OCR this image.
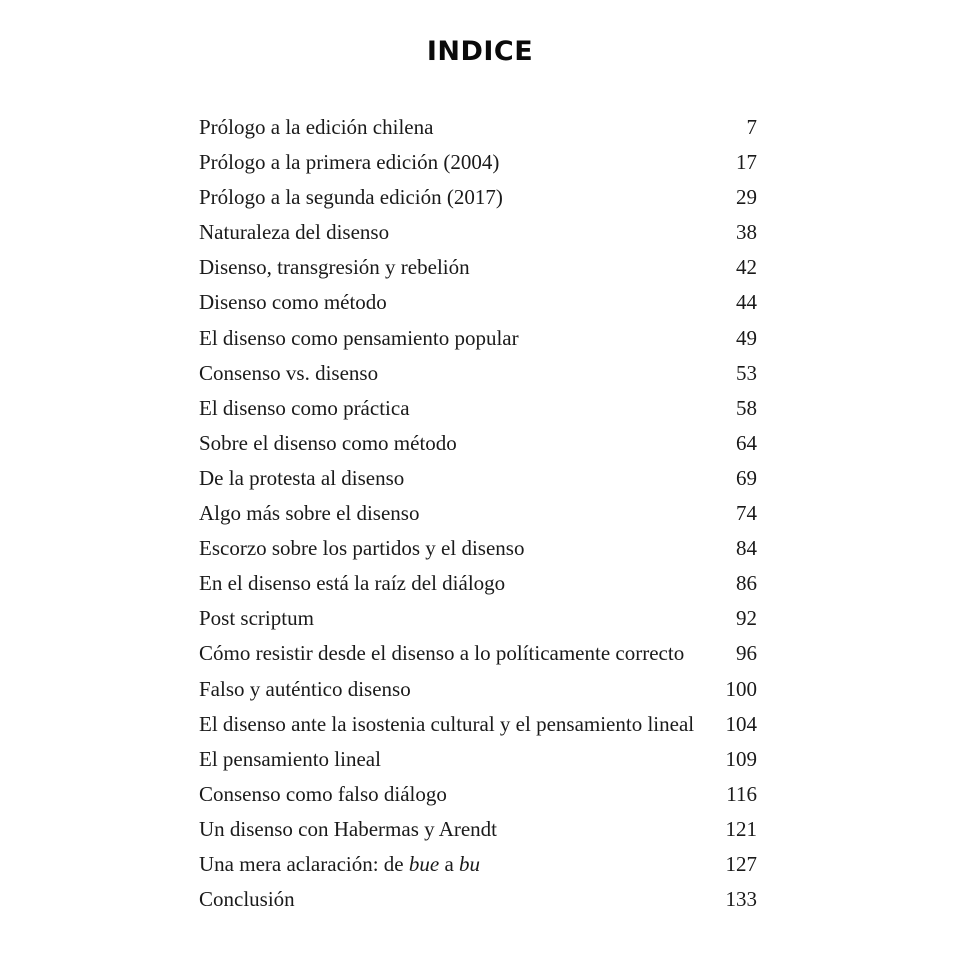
INDICE
Prólogo a la edición chilena	7
Prólogo a la primera edición (2004)	17
Prólogo a la segunda edición (2017)	29
Naturaleza del disenso	38
Disenso, transgresión y rebelión	42
Disenso como método	44
El disenso como pensamiento popular	49
Consenso vs. disenso	53
El disenso como práctica	58
Sobre el disenso como método	64
De la protesta al disenso	69
Algo más sobre el disenso	74
Escorzo sobre los partidos y el disenso	84
En el disenso está la raíz del diálogo	86
Post scriptum	92
Cómo resistir desde el disenso a lo políticamente correcto 96
Falso y auténtico disenso	100
El disenso ante la isostenia cultural y el pensamiento lineal 104
El pensamiento lineal	109
Consenso como falso diálogo	116
Un disenso con Habermas y Arendt	121
Una mera aclaración: de bue a bu	127
Conclusión	133
